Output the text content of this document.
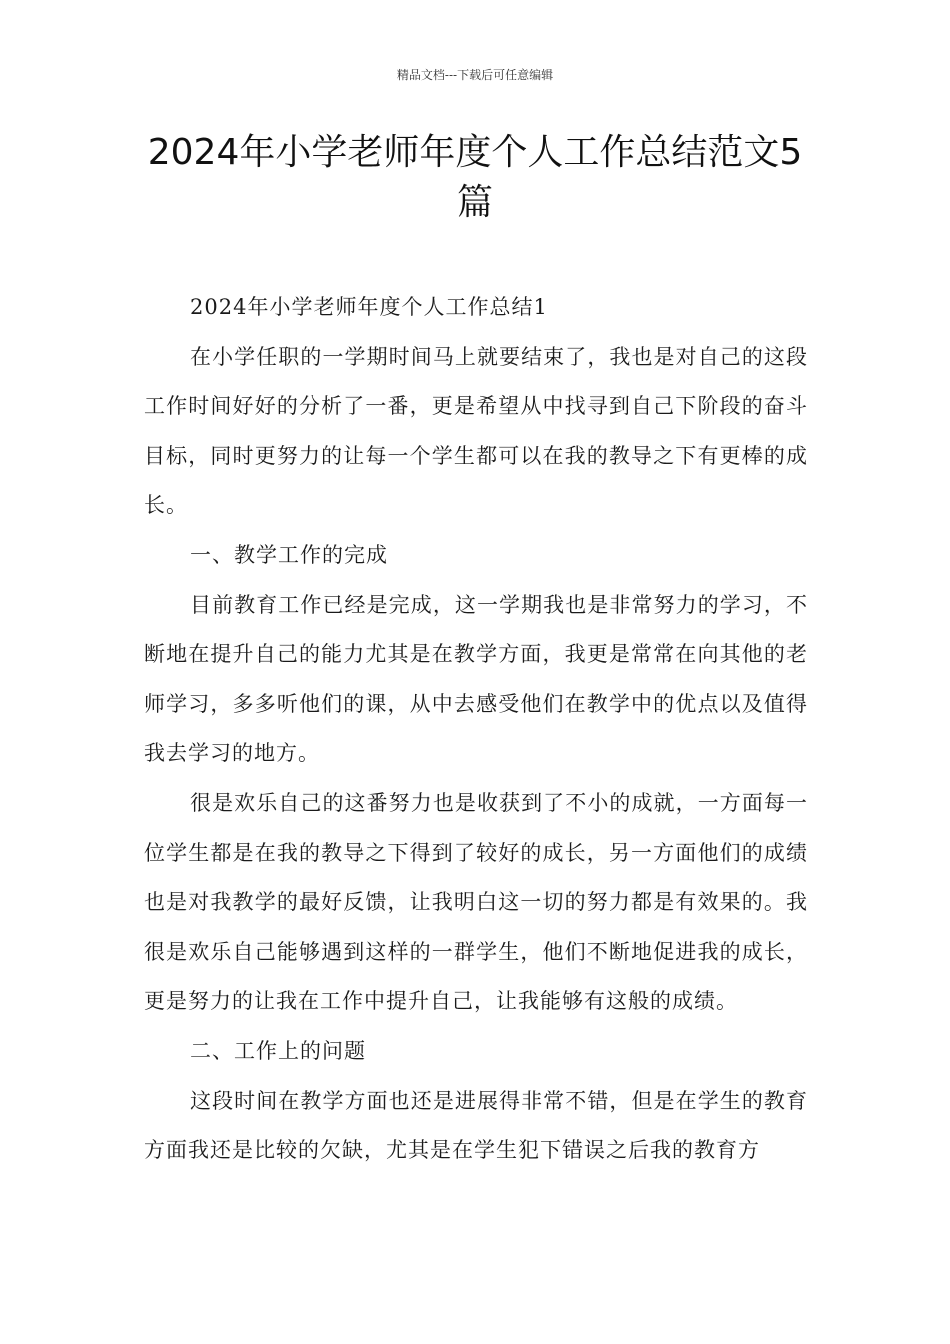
精品文档---下载后可任意编辑
2024年小学老师年度个人工作总结范文5篇

2024年小学老师年度个人工作总结1

在小学任职的一学期时间马上就要结束了，我也是对自己的这段工作时间好好的分析了一番，更是希望从中找寻到自己下阶段的奋斗目标，同时更努力的让每一个学生都可以在我的教导之下有更棒的成长。

一、教学工作的完成

目前教育工作已经是完成，这一学期我也是非常努力的学习，不断地在提升自己的能力尤其是在教学方面，我更是常常在向其他的老师学习，多多听他们的课，从中去感受他们在教学中的优点以及值得我去学习的地方。

很是欢乐自己的这番努力也是收获到了不小的成就，一方面每一位学生都是在我的教导之下得到了较好的成长，另一方面他们的成绩也是对我教学的最好反馈，让我明白这一切的努力都是有效果的。我很是欢乐自己能够遇到这样的一群学生，他们不断地促进我的成长，更是努力的让我在工作中提升自己，让我能够有这般的成绩。

二、工作上的问题

这段时间在教学方面也还是进展得非常不错，但是在学生的教育方面我还是比较的欠缺，尤其是在学生犯下错误之后我的教育方
